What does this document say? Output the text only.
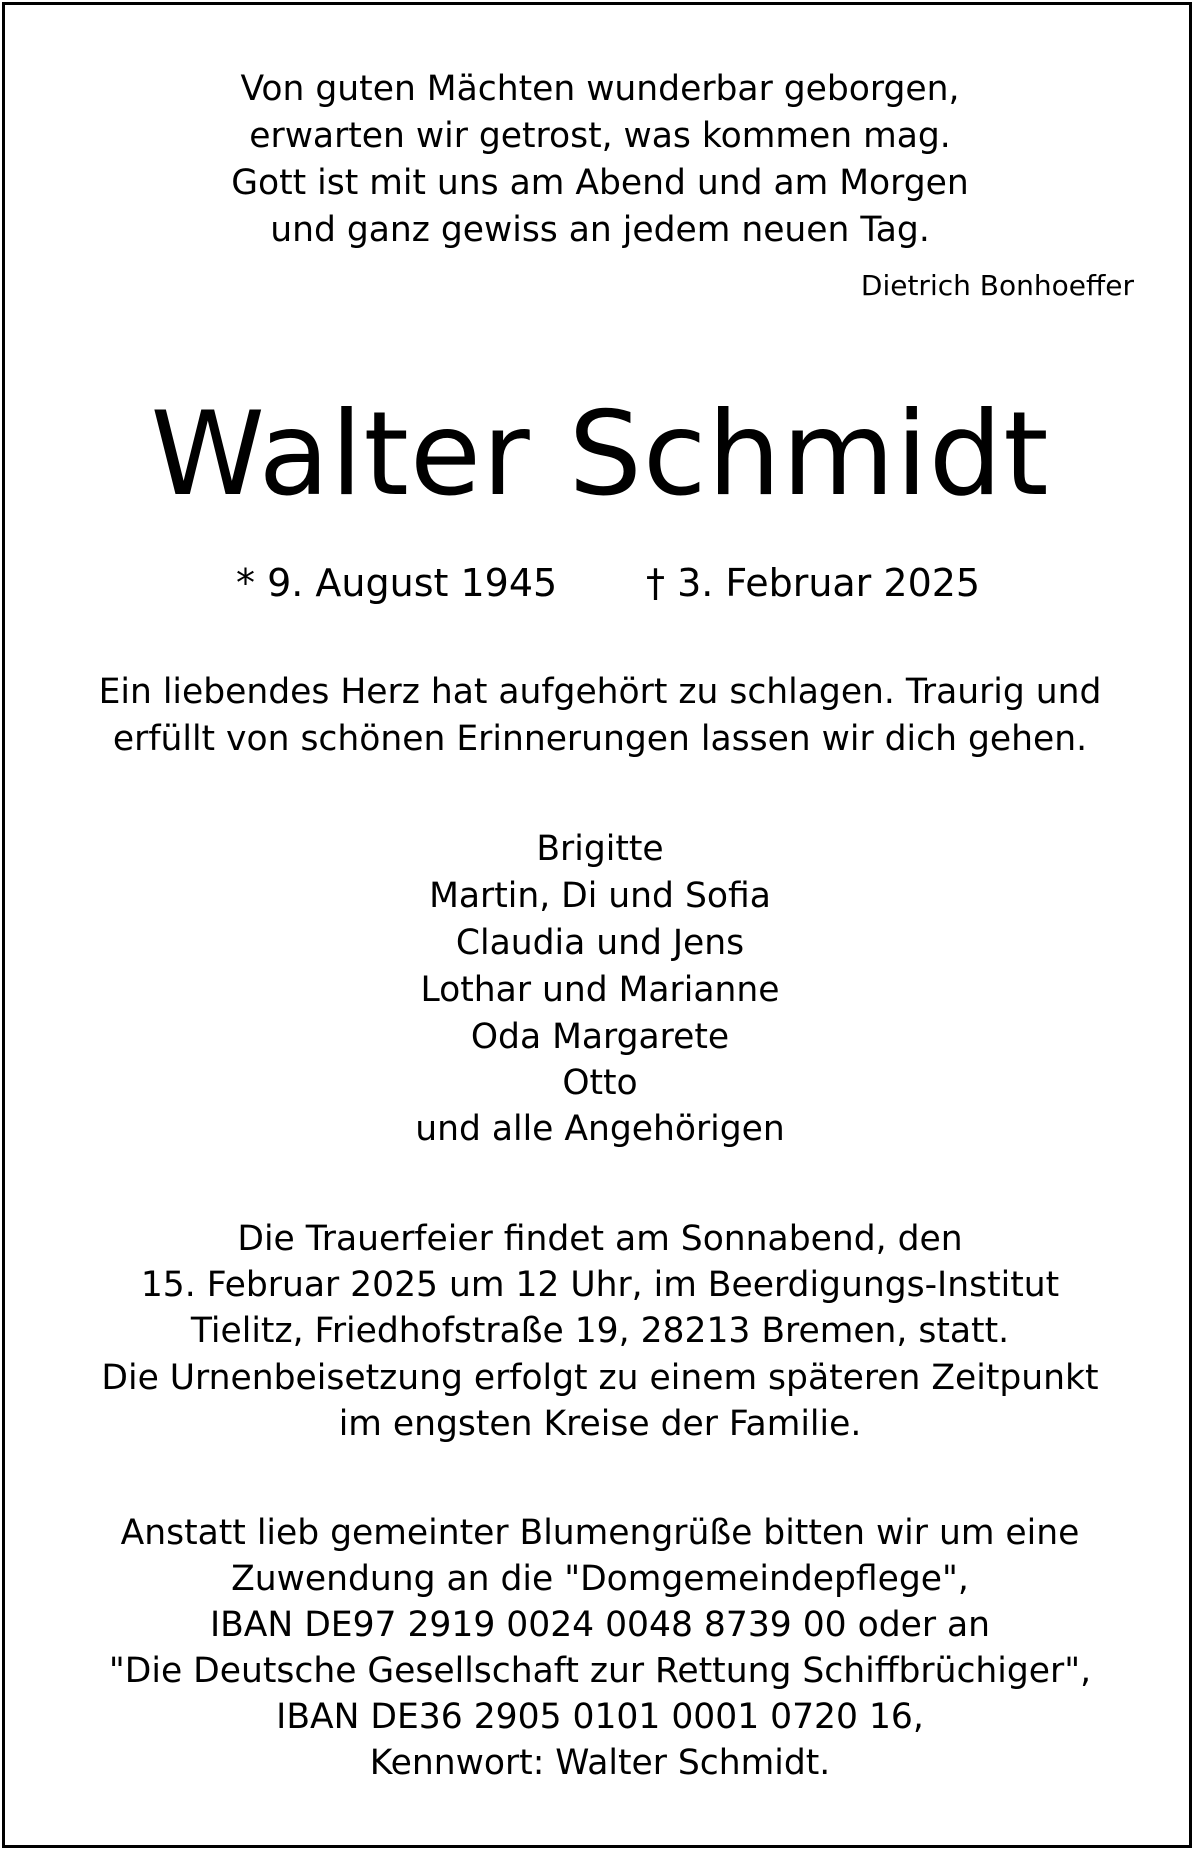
Von guten Mächten wunderbar geborgen,
erwarten wir getrost, was kommen mag.
Gott ist mit uns am Abend und am Morgen
und ganz gewiss an jedem neuen Tag.
Dietrich Bonhoeffer
Walter Schmidt
* 9. August 1945 † 3. Februar 2025
Ein liebendes Herz hat aufgehört zu schlagen. Traurig und
erfüllt von schönen Erinnerungen lassen wir dich gehen.
Brigitte
Martin, Di und Sofia
Claudia und Jens
Lothar und Marianne
Oda Margarete
Otto
und alle Angehörigen
Die Trauerfeier findet am Sonnabend, den
15. Februar 2025 um 12 Uhr, im Beerdigungs-Institut
Tielitz, Friedhofstraße 19, 28213 Bremen, statt.
Die Urnenbeisetzung erfolgt zu einem späteren Zeitpunkt
im engsten Kreise der Familie.
Anstatt lieb gemeinter Blumengrüße bitten wir um eine
Zuwendung an die "Domgemeindepflege",
IBAN DE97 2919 0024 0048 8739 00 oder an
"Die Deutsche Gesellschaft zur Rettung Schiffbrüchiger",
IBAN DE36 2905 0101 0001 0720 16,
Kennwort: Walter Schmidt.
